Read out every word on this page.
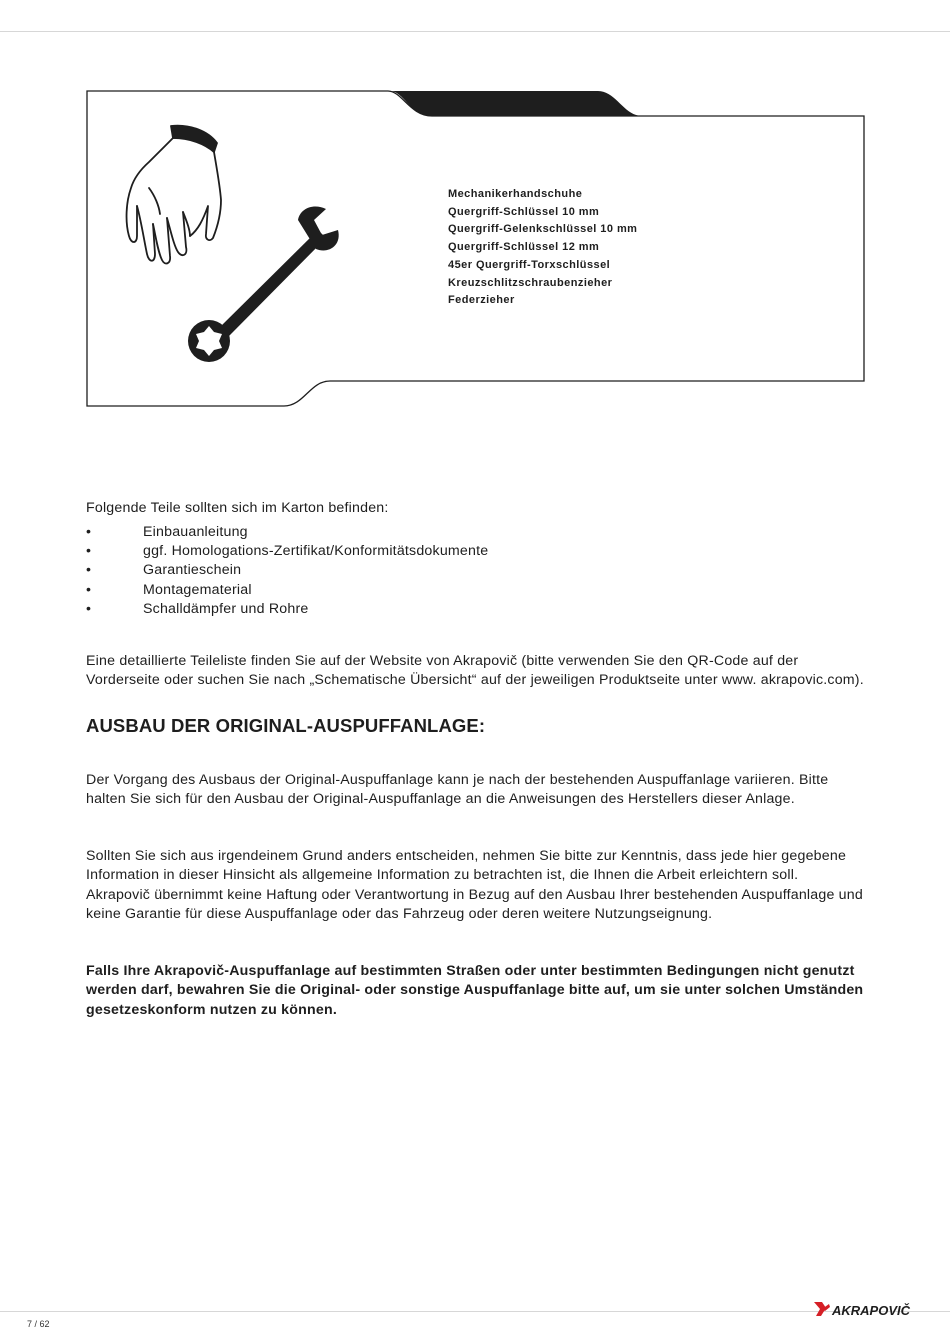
Mechanikerhandschuhe
Quergriff-Schlüssel 10 mm
Quergriff-Gelenkschlüssel 10 mm
Quergriff-Schlüssel 12 mm
45er Quergriff-Torxschlüssel
Kreuzschlitzschraubenzieher
Federzieher

Folgende Teile sollten sich im Karton befinden:

•	Einbauanleitung
•	ggf. Homologations-Zertifikat/Konformitätsdokumente
•	Garantieschein
•	Montagematerial
•	Schalldämpfer und Rohre

Eine detaillierte Teileliste finden Sie auf der Website von Akrapovič (bitte verwenden Sie den QR-Code auf der Vorderseite oder suchen Sie nach „Schematische Übersicht“ auf der jeweiligen Produktseite unter www. akrapovic.com).

AUSBAU DER ORIGINAL-AUSPUFFANLAGE:

Der Vorgang des Ausbaus der Original-Auspuffanlage kann je nach der bestehenden Auspuffanlage variieren. Bitte halten Sie sich für den Ausbau der Original-Auspuffanlage an die Anweisungen des Herstellers dieser Anlage.

Sollten Sie sich aus irgendeinem Grund anders entscheiden, nehmen Sie bitte zur Kenntnis, dass jede hier gegebene Information in dieser Hinsicht als allgemeine Information zu betrachten ist, die Ihnen die Arbeit erleichtern soll. Akrapovič übernimmt keine Haftung oder Verantwortung in Bezug auf den Ausbau Ihrer bestehenden Auspuffanlage und keine Garantie für diese Auspuffanlage oder das Fahrzeug oder deren weitere Nutzungseignung.

Falls Ihre Akrapovič-Auspuffanlage auf bestimmten Straßen oder unter bestimmten Bedingungen nicht genutzt werden darf, bewahren Sie die Original- oder sonstige Auspuffanlage bitte auf, um sie unter solchen Umständen gesetzeskonform nutzen zu können.

7 / 62
AKRAPOVIČ
